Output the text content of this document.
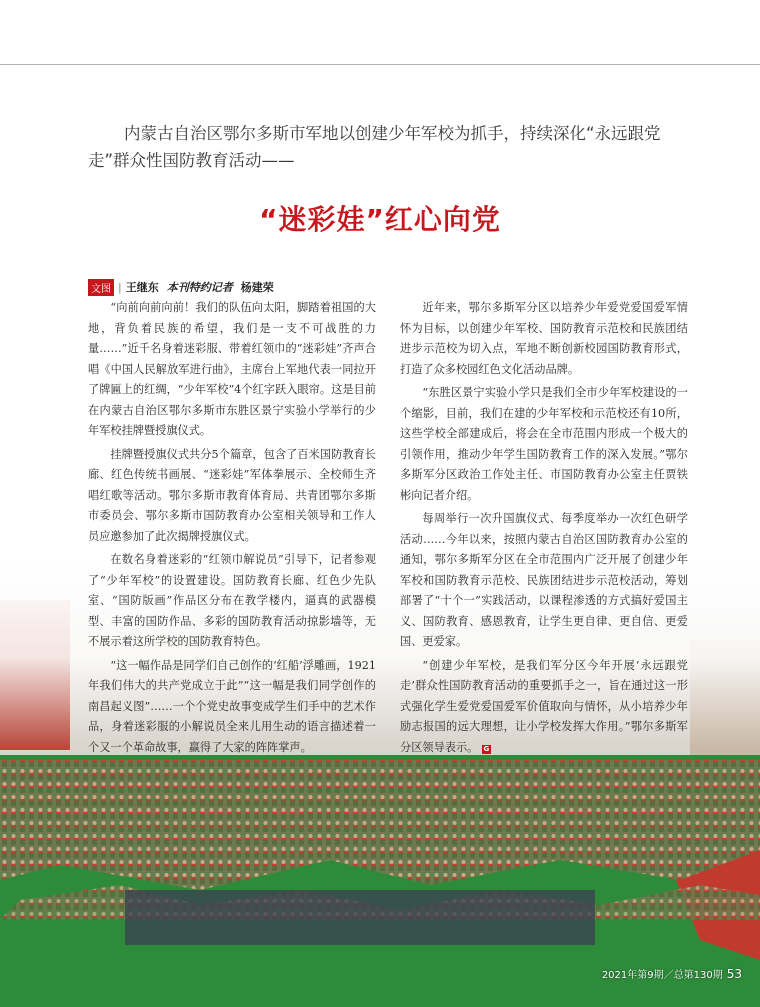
内蒙古自治区鄂尔多斯市军地以创建少年军校为抓手，持续深化“永远跟党走”群众性国防教育活动——

“迷彩娃”红心向党
文图 | 王继东 本刊特约记者 杨建荣

“向前向前向前！我们的队伍向太阳，脚踏着祖国的大地，背负着民族的希望，我们是一支不可战胜的力量……”近千名身着迷彩服、带着红领巾的“迷彩娃”齐声合唱《中国人民解放军进行曲》，主席台上军地代表一同拉开了牌匾上的红绸，“少年军校”4个红字跃入眼帘。这是目前在内蒙古自治区鄂尔多斯市东胜区景宁实验小学举行的少年军校挂牌暨授旗仪式。

挂牌暨授旗仪式共分5个篇章，包含了百米国防教育长廊、红色传统书画展、“迷彩娃”军体拳展示、全校师生齐唱红歌等活动。鄂尔多斯市教育体育局、共青团鄂尔多斯市委员会、鄂尔多斯市国防教育办公室相关领导和工作人员应邀参加了此次揭牌授旗仪式。

在数名身着迷彩的“红领巾解说员”引导下，记者参观了“少年军校”的设置建设。国防教育长廊、红色少先队室、“国防版画”作品区分布在教学楼内，逼真的武器模型、丰富的国防作品、多彩的国防教育活动掠影墙等，无不展示着这所学校的国防教育特色。

“这一幅作品是同学们自己创作的‘红船’浮雕画，1921年我们伟大的共产党成立于此”“这一幅是我们同学创作的南昌起义图”……一个个党史故事变成学生们手中的艺术作品，身着迷彩服的小解说员全来儿用生动的语言描述着一个又一个革命故事，赢得了大家的阵阵掌声。

近年来，鄂尔多斯军分区以培养少年爱党爱国爱军情怀为目标，以创建少年军校、国防教育示范校和民族团结进步示范校为切入点，军地不断创新校园国防教育形式，打造了众多校园红色文化活动品牌。

“东胜区景宁实验小学只是我们全市少年军校建设的一个缩影，目前，我们在建的少年军校和示范校还有10所，这些学校全部建成后，将会在全市范围内形成一个极大的引领作用，推动少年学生国防教育工作的深入发展。”鄂尔多斯军分区政治工作处主任、市国防教育办公室主任贾铁彬向记者介绍。

每周举行一次升国旗仪式、每季度举办一次红色研学活动……今年以来，按照内蒙古自治区国防教育办公室的通知，鄂尔多斯军分区在全市范围内广泛开展了创建少年军校和国防教育示范校、民族团结进步示范校活动，筹划部署了“十个一”实践活动，以课程渗透的方式搞好爱国主义、国防教育、感恩教育，让学生更自律、更自信、更爱国、更爱家。

“创建少年军校，是我们军分区今年开展‘永远跟党走’群众性国防教育活动的重要抓手之一，旨在通过这一形式强化学生爱党爱国爱军价值取向与情怀，从小培养少年励志报国的远大理想，让小学校发挥大作用。”鄂尔多斯军分区领导表示。 G

2021年第9期／总第130期 53
